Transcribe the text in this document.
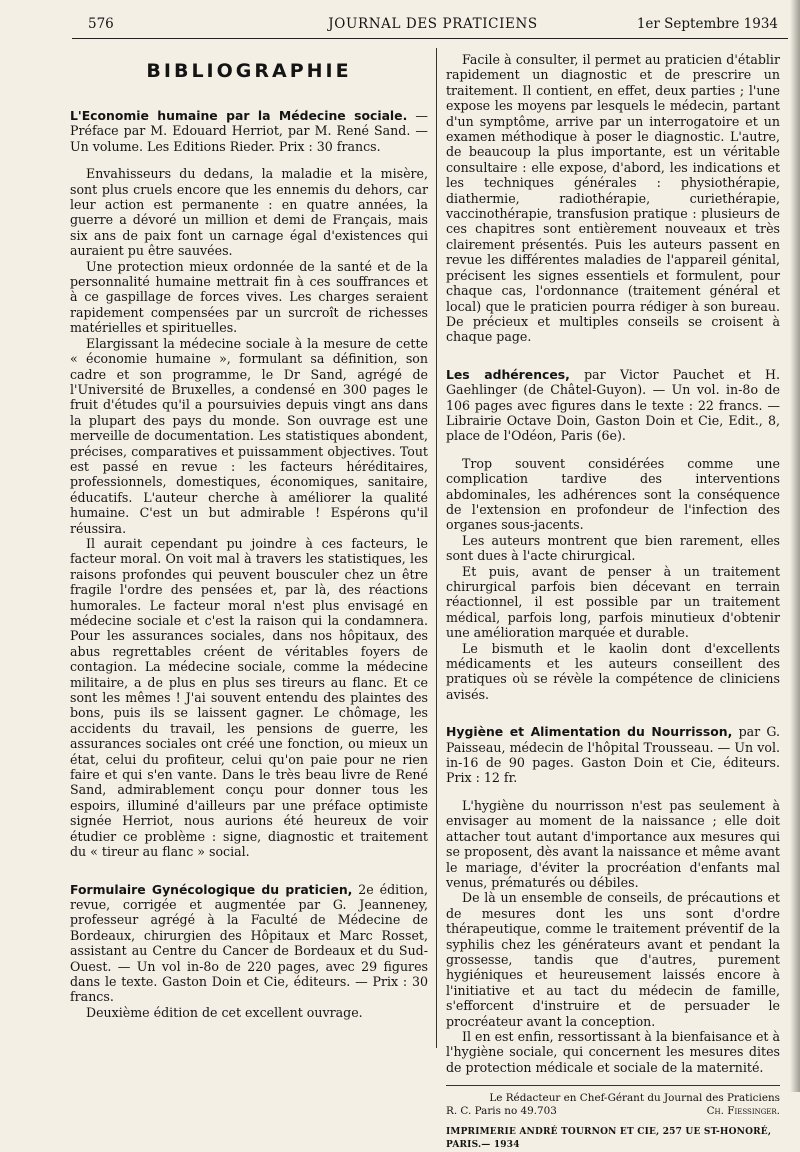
576	JOURNAL DES PRATICIENS	1er Septembre 1934
BIBLIOGRAPHIE

L'Economie humaine par la Médecine sociale. — Préface par M. Edouard Herriot, par M. René Sand. — Un volume. Les Editions Rieder. Prix : 30 francs.

Envahisseurs du dedans, la maladie et la misère, sont plus cruels encore que les ennemis du dehors, car leur action est permanente : en quatre années, la guerre a dévoré un million et demi de Français, mais six ans de paix font un carnage égal d'existences qui auraient pu être sauvées.

Une protection mieux ordonnée de la santé et de la personnalité humaine mettrait fin à ces souffrances et à ce gaspillage de forces vives. Les charges seraient rapidement compensées par un surcroît de richesses matérielles et spirituelles.

Elargissant la médecine sociale à la mesure de cette « économie humaine », formulant sa définition, son cadre et son programme, le Dr Sand, agrégé de l'Université de Bruxelles, a condensé en 300 pages le fruit d'études qu'il a poursuivies depuis vingt ans dans la plupart des pays du monde. Son ouvrage est une merveille de documentation. Les statistiques abondent, précises, comparatives et puissamment objectives. Tout est passé en revue : les facteurs héréditaires, professionnels, domestiques, économiques, sanitaire, éducatifs. L'auteur cherche à améliorer la qualité humaine. C'est un but admirable ! Espérons qu'il réussira.

Il aurait cependant pu joindre à ces facteurs, le facteur moral. On voit mal à travers les statistiques, les raisons profondes qui peuvent bousculer chez un être fragile l'ordre des pensées et, par là, des réactions humorales. Le facteur moral n'est plus envisagé en médecine sociale et c'est la raison qui la condamnera. Pour les assurances sociales, dans nos hôpitaux, des abus regrettables créent de véritables foyers de contagion. La médecine sociale, comme la médecine militaire, a de plus en plus ses tireurs au flanc. Et ce sont les mêmes ! J'ai souvent entendu des plaintes des bons, puis ils se laissent gagner. Le chômage, les accidents du travail, les pensions de guerre, les assurances sociales ont créé une fonction, ou mieux un état, celui du profiteur, celui qu'on paie pour ne rien faire et qui s'en vante. Dans le très beau livre de René Sand, admirablement conçu pour donner tous les espoirs, illuminé d'ailleurs par une préface optimiste signée Herriot, nous aurions été heureux de voir étudier ce problème : signe, diagnostic et traitement du « tireur au flanc » social.

Formulaire Gynécologique du praticien, 2e édition, revue, corrigée et augmentée par G. Jeanneney, professeur agrégé à la Faculté de Médecine de Bordeaux, chirurgien des Hôpitaux et Marc Rosset, assistant au Centre du Cancer de Bordeaux et du Sud-Ouest. — Un vol in-8o de 220 pages, avec 29 figures dans le texte. Gaston Doin et Cie, éditeurs. — Prix : 30 francs.

Deuxième édition de cet excellent ouvrage.

Facile à consulter, il permet au praticien d'établir rapidement un diagnostic et de prescrire un traitement. Il contient, en effet, deux parties ; l'une expose les moyens par lesquels le médecin, partant d'un symptôme, arrive par un interrogatoire et un examen méthodique à poser le diagnostic. L'autre, de beaucoup la plus importante, est un véritable consultaire : elle expose, d'abord, les indications et les techniques générales : physiothérapie, diathermie, radiothérapie, curiethérapie, vaccinothérapie, transfusion pratique : plusieurs de ces chapitres sont entièrement nouveaux et très clairement présentés. Puis les auteurs passent en revue les différentes maladies de l'appareil génital, précisent les signes essentiels et formulent, pour chaque cas, l'ordonnance (traitement général et local) que le praticien pourra rédiger à son bureau. De précieux et multiples conseils se croisent à chaque page.

Les adhérences, par Victor Pauchet et H. Gaehlinger (de Châtel-Guyon). — Un vol. in-8o de 106 pages avec figures dans le texte : 22 francs. — Librairie Octave Doin, Gaston Doin et Cie, Edit., 8, place de l'Odéon, Paris (6e).

Trop souvent considérées comme une complication tardive des interventions abdominales, les adhérences sont la conséquence de l'extension en profondeur de l'infection des organes sous-jacents.

Les auteurs montrent que bien rarement, elles sont dues à l'acte chirurgical.

Et puis, avant de penser à un traitement chirurgical parfois bien décevant en terrain réactionnel, il est possible par un traitement médical, parfois long, parfois minutieux d'obtenir une amélioration marquée et durable.

Le bismuth et le kaolin dont d'excellents médicaments et les auteurs conseillent des pratiques où se révèle la compétence de cliniciens avisés.

Hygiène et Alimentation du Nourrisson, par G. Paisseau, médecin de l'hôpital Trousseau. — Un vol. in-16 de 90 pages. Gaston Doin et Cie, éditeurs. Prix : 12 fr.

L'hygiène du nourrisson n'est pas seulement à envisager au moment de la naissance ; elle doit attacher tout autant d'importance aux mesures qui se proposent, dès avant la naissance et même avant le mariage, d'éviter la procréation d'enfants mal venus, prématurés ou débiles.

De là un ensemble de conseils, de précautions et de mesures dont les uns sont d'ordre thérapeutique, comme le traitement préventif de la syphilis chez les générateurs avant et pendant la grossesse, tandis que d'autres, purement hygiéniques et heureusement laissés encore à l'initiative et au tact du médecin de famille, s'efforcent d'instruire et de persuader le procréateur avant la conception.

Il en est enfin, ressortissant à la bienfaisance et à l'hygiène sociale, qui concernent les mesures dites de protection médicale et sociale de la maternité.

Le Rédacteur en Chef-Gérant du Journal des Praticiens
R. C. Paris no 49.703	Ch. Fiessinger.
IMPRIMERIE ANDRÉ TOURNON ET CIE, 257 UE ST-HONORÉ, PARIS.— 1934
